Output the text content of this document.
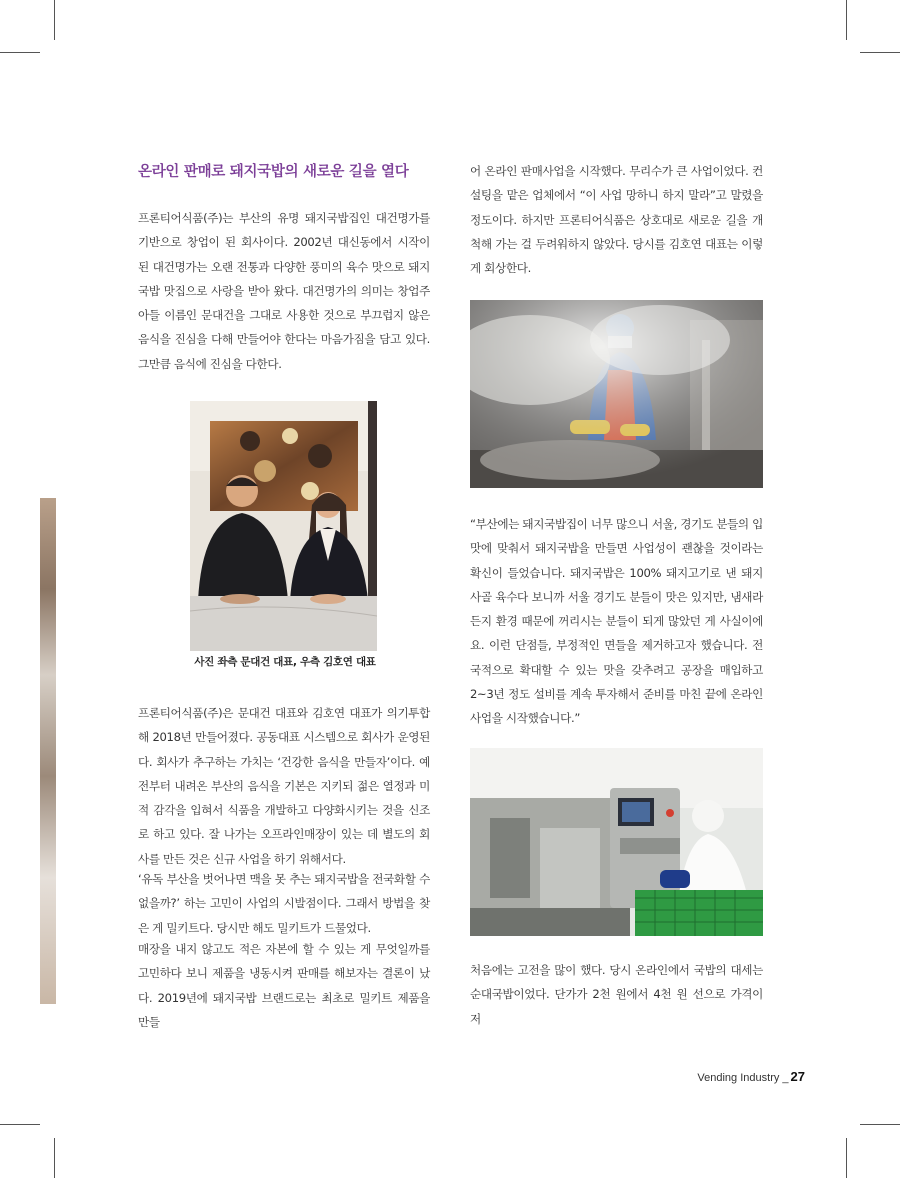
온라인 판매로 돼지국밥의 새로운 길을 열다

프론티어식품(주)는 부산의 유명 돼지국밥집인 대건명가를 기반으로 창업이 된 회사이다. 2002년 대신동에서 시작이 된 대건명가는 오랜 전통과 다양한 풍미의 육수 맛으로 돼지국밥 맛집으로 사랑을 받아 왔다. 대건명가의 의미는 창업주 아들 이름인 문대건을 그대로 사용한 것으로 부끄럽지 않은 음식을 진심을 다해 만들어야 한다는 마음가짐을 담고 있다. 그만큼 음식에 진심을 다한다.

사진 좌측 문대건 대표, 우측 김호연 대표

프론티어식품(주)은 문대건 대표와 김호연 대표가 의기투합해 2018년 만들어졌다. 공동대표 시스템으로 회사가 운영된다. 회사가 추구하는 가치는 ‘건강한 음식을 만들자’이다. 예전부터 내려온 부산의 음식을 기본은 지키되 젊은 열정과 미적 감각을 입혀서 식품을 개발하고 다양화시키는 것을 신조로 하고 있다. 잘 나가는 오프라인매장이 있는 데 별도의 회사를 만든 것은 신규 사업을 하기 위해서다.

‘유독 부산을 벗어나면 맥을 못 추는 돼지국밥을 전국화할 수 없을까?’ 하는 고민이 사업의 시발점이다. 그래서 방법을 찾은 게 밀키트다. 당시만 해도 밀키트가 드물었다.

매장을 내지 않고도 적은 자본에 할 수 있는 게 무엇일까를 고민하다 보니 제품을 냉동시켜 판매를 해보자는 결론이 났다. 2019년에 돼지국밥 브랜드로는 최초로 밀키트 제품을 만들

어 온라인 판매사업을 시작했다. 무리수가 큰 사업이었다. 컨설팅을 맡은 업체에서 “이 사업 망하니 하지 말라”고 말렸을 정도이다. 하지만 프론티어식품은 상호대로 새로운 길을 개척해 가는 걸 두려워하지 않았다. 당시를 김호연 대표는 이렇게 회상한다.

“부산에는 돼지국밥집이 너무 많으니 서울, 경기도 분들의 입맛에 맞춰서 돼지국밥을 만들면 사업성이 괜찮을 것이라는 확신이 들었습니다. 돼지국밥은 100% 돼지고기로 낸 돼지 사골 육수다 보니까 서울 경기도 분들이 맛은 있지만, 냄새라든지 환경 때문에 꺼리시는 분들이 되게 많았던 게 사실이에요. 이런 단점들, 부정적인 면들을 제거하고자 했습니다. 전국적으로 확대할 수 있는 맛을 갖추려고 공장을 매입하고 2~3년 정도 설비를 계속 투자해서 준비를 마친 끝에 온라인 사업을 시작했습니다.”

처음에는 고전을 많이 했다. 당시 온라인에서 국밥의 대세는 순대국밥이었다. 단가가 2천 원에서 4천 원 선으로 가격이 저

Vending Industry _ 27
